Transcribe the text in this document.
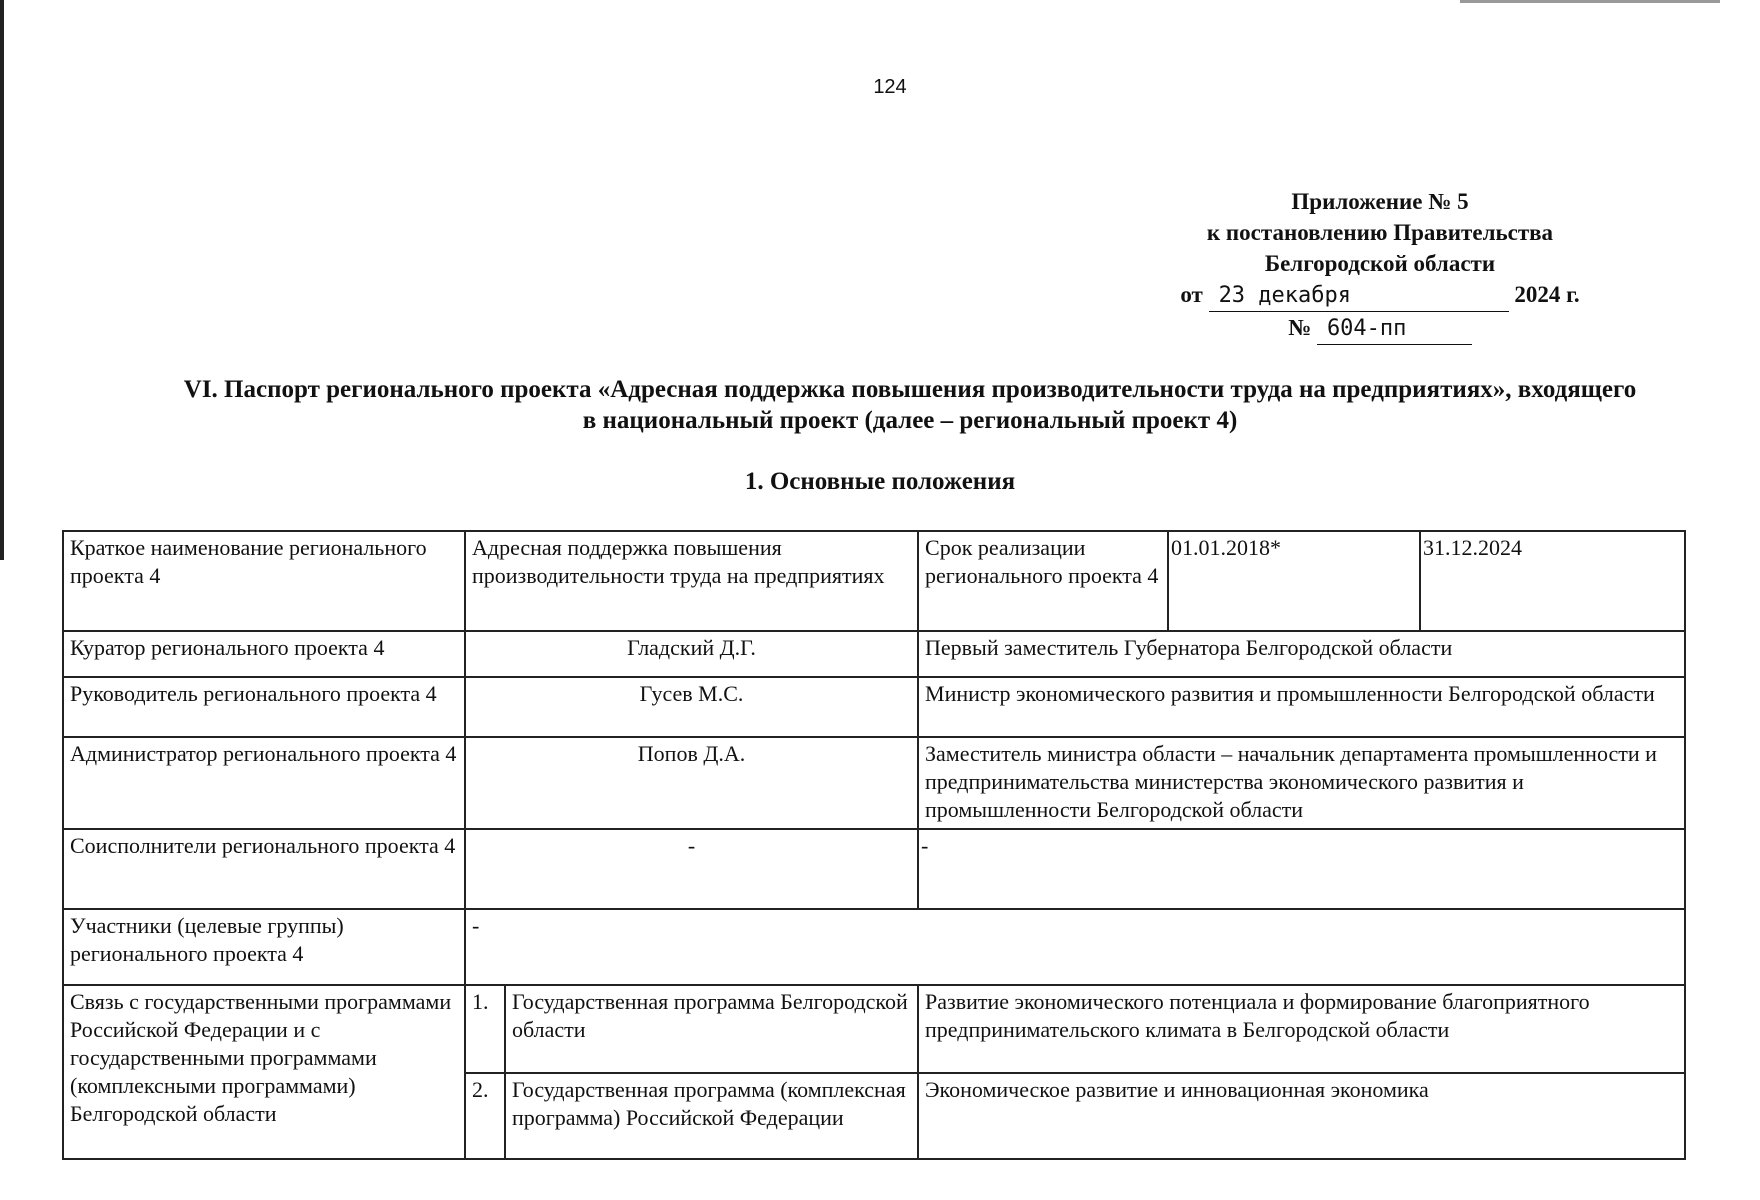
124
Приложение № 5
к постановлению Правительства
Белгородской области
от 23 декабря	2024 г.
№ 604-пп
VI. Паспорт регионального проекта «Адресная поддержка повышения производительности труда на предприятиях», входящего
в национальный проект (далее – региональный проект 4)
1. Основные положения
Краткое наименование регионального проекта 4	Адресная поддержка повышения производительности труда на предприятиях		Срок реализации регионального проекта 4	01.01.2018*	31.12.2024
Куратор регионального проекта 4	Гладский Д.Г.		Первый заместитель Губернатора Белгородской области		
Руководитель регионального проекта 4	Гусев М.С.		Министр экономического развития и промышленности Белгородской области		
Администратор регионального проекта 4	Попов Д.А.		Заместитель министра области – начальник департамента промышленности и предпринимательства министерства экономического развития и промышленности Белгородской области		
Соисполнители регионального проекта 4	-		-		
Участники (целевые группы) регионального проекта 4	-				
Связь с государственными программами Российской Федерации и с государственными программами (комплексными программами) Белгородской области	1.	Государственная программа Белгородской области	Развитие экономического потенциала и формирование благоприятного предпринимательского климата в Белгородской области		
	2.	Государственная программа (комплексная программа) Российской Федерации	Экономическое развитие и инновационная экономика		
